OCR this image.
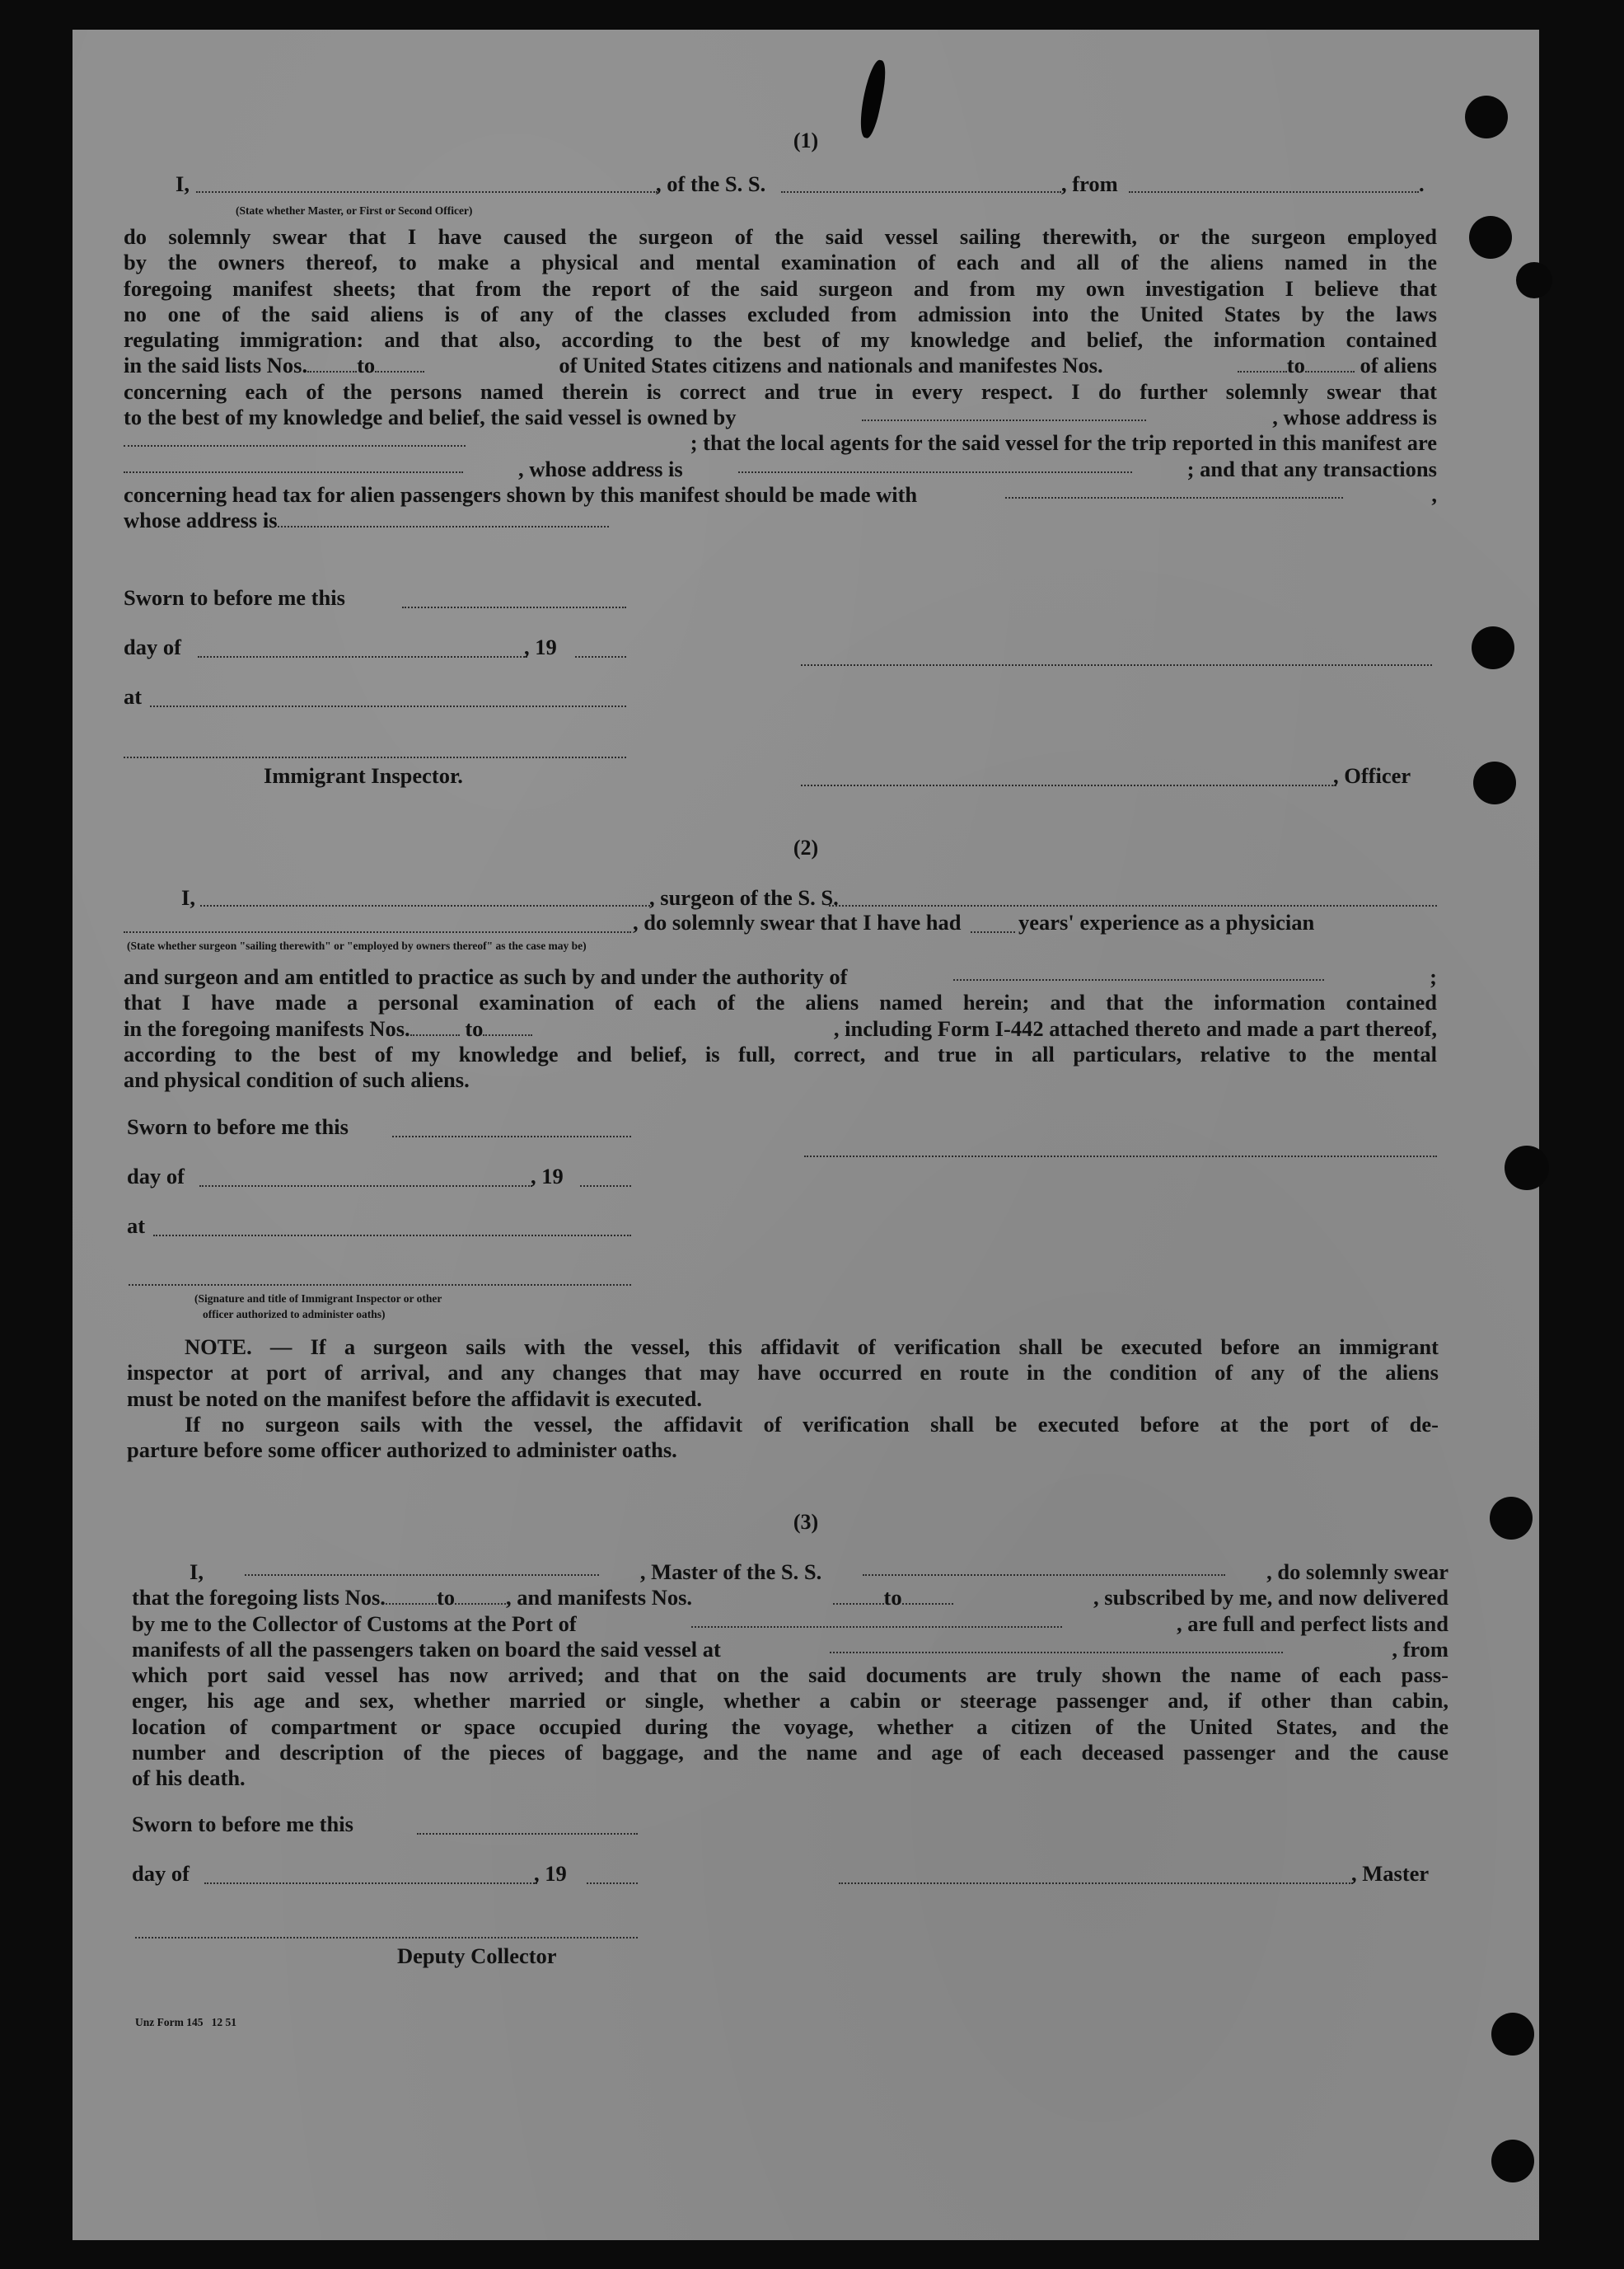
(1)
I,	, of the S. S.	, from	.
(State whether Master, or First or Second Officer)
do solemnly swear that I have caused the surgeon of the said vessel sailing therewith, or the surgeon employed
by the owners thereof, to make a physical and mental examination of each and all of the aliens named in the
foregoing manifest sheets; that from the report of the said surgeon and from my own investigation I believe that
no one of the said aliens is of any of the classes excluded from admission into the United States by the laws
regulating immigration: and that also, according to the best of my knowledge and belief, the information contained
in the said lists Nos. to	of United States citizens and nationals and manifestes Nos.	to	of aliens
concerning each of the persons named therein is correct and true in every respect. I do further solemnly swear that
to the best of my knowledge and belief, the said vessel is owned by	, whose address is
; that the local agents for the said vessel for the trip reported in this manifest are
, whose address is	; and that any transactions
concerning head tax for alien passengers shown by this manifest should be made with	,
whose address is
Sworn to before me this
day of	, 19
at
Immigrant Inspector.	, Officer
(2)
I,	, surgeon of the S. S.
, do solemnly swear that I have had	years' experience as a physician
(State whether surgeon "sailing therewith" or "employed by owners thereof" as the case may be)
and surgeon and am entitled to practice as such by and under the authority of	;
that I have made a personal examination of each of the aliens named herein; and that the information contained
in the foregoing manifests Nos.	to	, including Form I-442 attached thereto and made a part thereof,
according to the best of my knowledge and belief, is full, correct, and true in all particulars, relative to the mental
and physical condition of such aliens.
Sworn to before me this
day of	, 19
at
(Signature and title of Immigrant Inspector or other
officer authorized to administer oaths)
NOTE. — If a surgeon sails with the vessel, this affidavit of verification shall be executed before an immigrant
inspector at port of arrival, and any changes that may have occurred en route in the condition of any of the aliens
must be noted on the manifest before the affidavit is executed.
If no surgeon sails with the vessel, the affidavit of verification shall be executed before at the port of de-
parture before some officer authorized to administer oaths.
(3)
I,	, Master of the S. S.	, do solemnly swear
that the foregoing lists Nos. to , and manifests Nos.	to	, subscribed by me, and now delivered
by me to the Collector of Customs at the Port of	, are full and perfect lists and
manifests of all the passengers taken on board the said vessel at	, from
which port said vessel has now arrived; and that on the said documents are truly shown the name of each pass-
enger, his age and sex, whether married or single, whether a cabin or steerage passenger and, if other than cabin,
location of compartment or space occupied during the voyage, whether a citizen of the United States, and the
number and description of the pieces of baggage, and the name and age of each deceased passenger and the cause
of his death.
Sworn to before me this
day of	, 19	, Master
Deputy Collector
Unz Form 145   12 51
